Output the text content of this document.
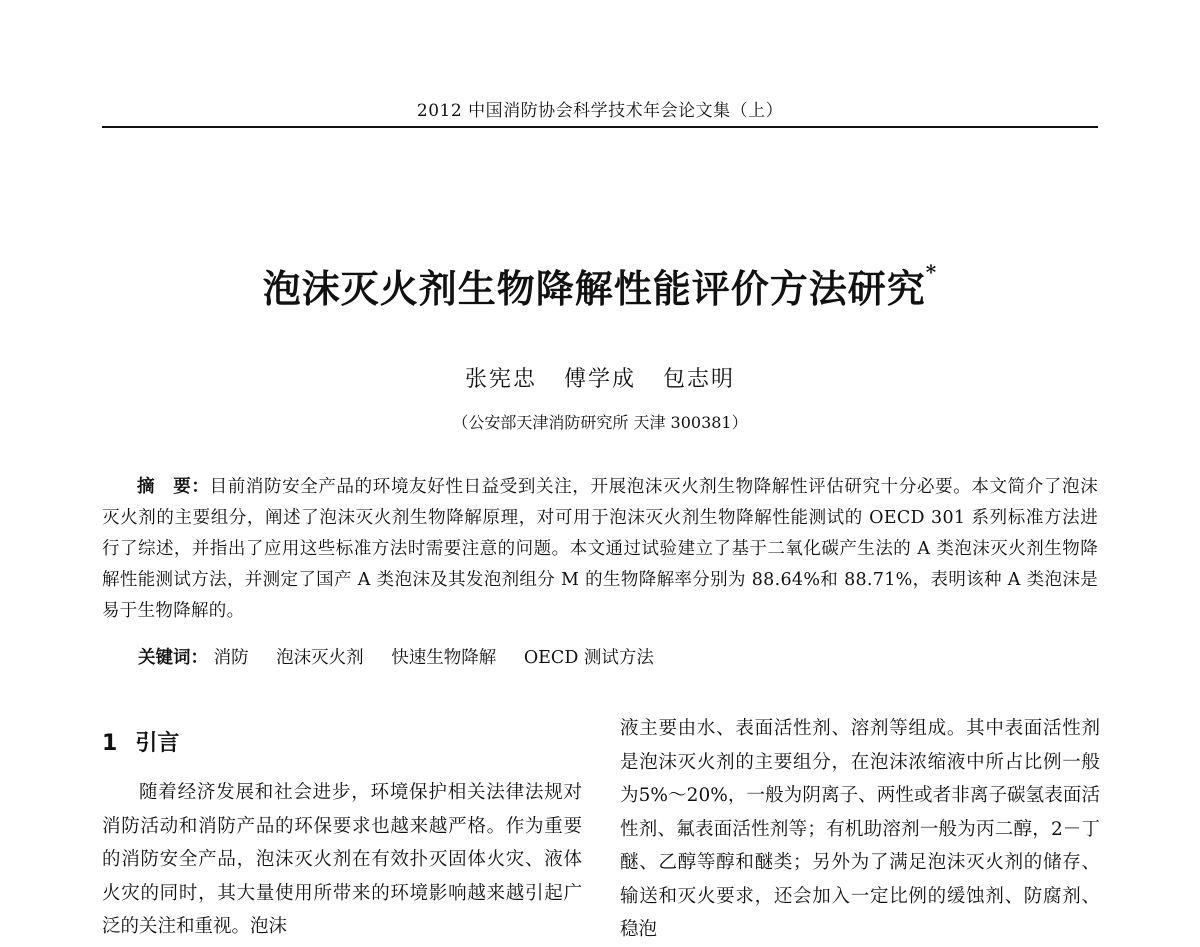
2012 中国消防协会科学技术年会论文集（上）
泡沫灭火剂生物降解性能评价方法研究*
张宪忠 傅学成 包志明
（公安部天津消防研究所 天津 300381）
摘　要：目前消防安全产品的环境友好性日益受到关注，开展泡沫灭火剂生物降解性评估研究十分必要。本文简介了泡沫灭火剂的主要组分，阐述了泡沫灭火剂生物降解原理，对可用于泡沫灭火剂生物降解性能测试的 OECD 301 系列标准方法进行了综述，并指出了应用这些标准方法时需要注意的问题。本文通过试验建立了基于二氧化碳产生法的 A 类泡沫灭火剂生物降解性能测试方法，并测定了国产 A 类泡沫及其发泡剂组分 M 的生物降解率分别为 88.64%和 88.71%，表明该种 A 类泡沫是易于生物降解的。
关键词： 消防 泡沫灭火剂 快速生物降解 OECD 测试方法
1 引言
随着经济发展和社会进步，环境保护相关法律法规对消防活动和消防产品的环保要求也越来越严格。作为重要的消防安全产品，泡沫灭火剂在有效扑灭固体火灾、液体火灾的同时，其大量使用所带来的环境影响越来越引起广泛的关注和重视。泡沫
液主要由水、表面活性剂、溶剂等组成。其中表面活性剂是泡沫灭火剂的主要组分，在泡沫浓缩液中所占比例一般为5%～20%，一般为阴离子、两性或者非离子碳氢表面活性剂、氟表面活性剂等；有机助溶剂一般为丙二醇，2－丁醚、乙醇等醇和醚类；另外为了满足泡沫灭火剂的储存、输送和灭火要求，还会加入一定比例的缓蚀剂、防腐剂、稳泡
